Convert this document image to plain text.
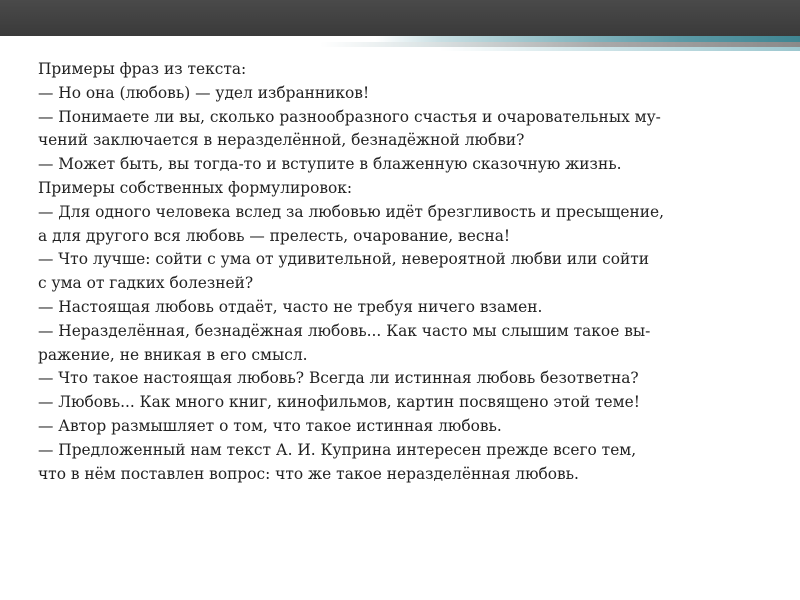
Примеры фраз из текста:

— Но она (любовь) — удел избранников!

— Понимаете ли вы, сколько разнообразного счастья и очаровательных му-

чений заключается в неразделённой, безнадёжной любви?

— Может быть, вы тогда-то и вступите в блаженную сказочную жизнь.

Примеры собственных формулировок:

— Для одного человека вслед за любовью идёт брезгливость и пресыщение,

а для другого вся любовь — прелесть, очарование, весна!

— Что лучше: сойти с ума от удивительной, невероятной любви или сойти

с ума от гадких болезней?

— Настоящая любовь отдаёт, часто не требуя ничего взамен.

— Неразделённая, безнадёжная любовь... Как часто мы слышим такое вы-

ражение, не вникая в его смысл.

— Что такое настоящая любовь? Всегда ли истинная любовь безответна?

— Любовь... Как много книг, кинофильмов, картин посвящено этой теме!

— Автор размышляет о том, что такое истинная любовь.

— Предложенный нам текст А. И. Куприна интересен прежде всего тем,

что в нём поставлен вопрос: что же такое неразделённая любовь.
